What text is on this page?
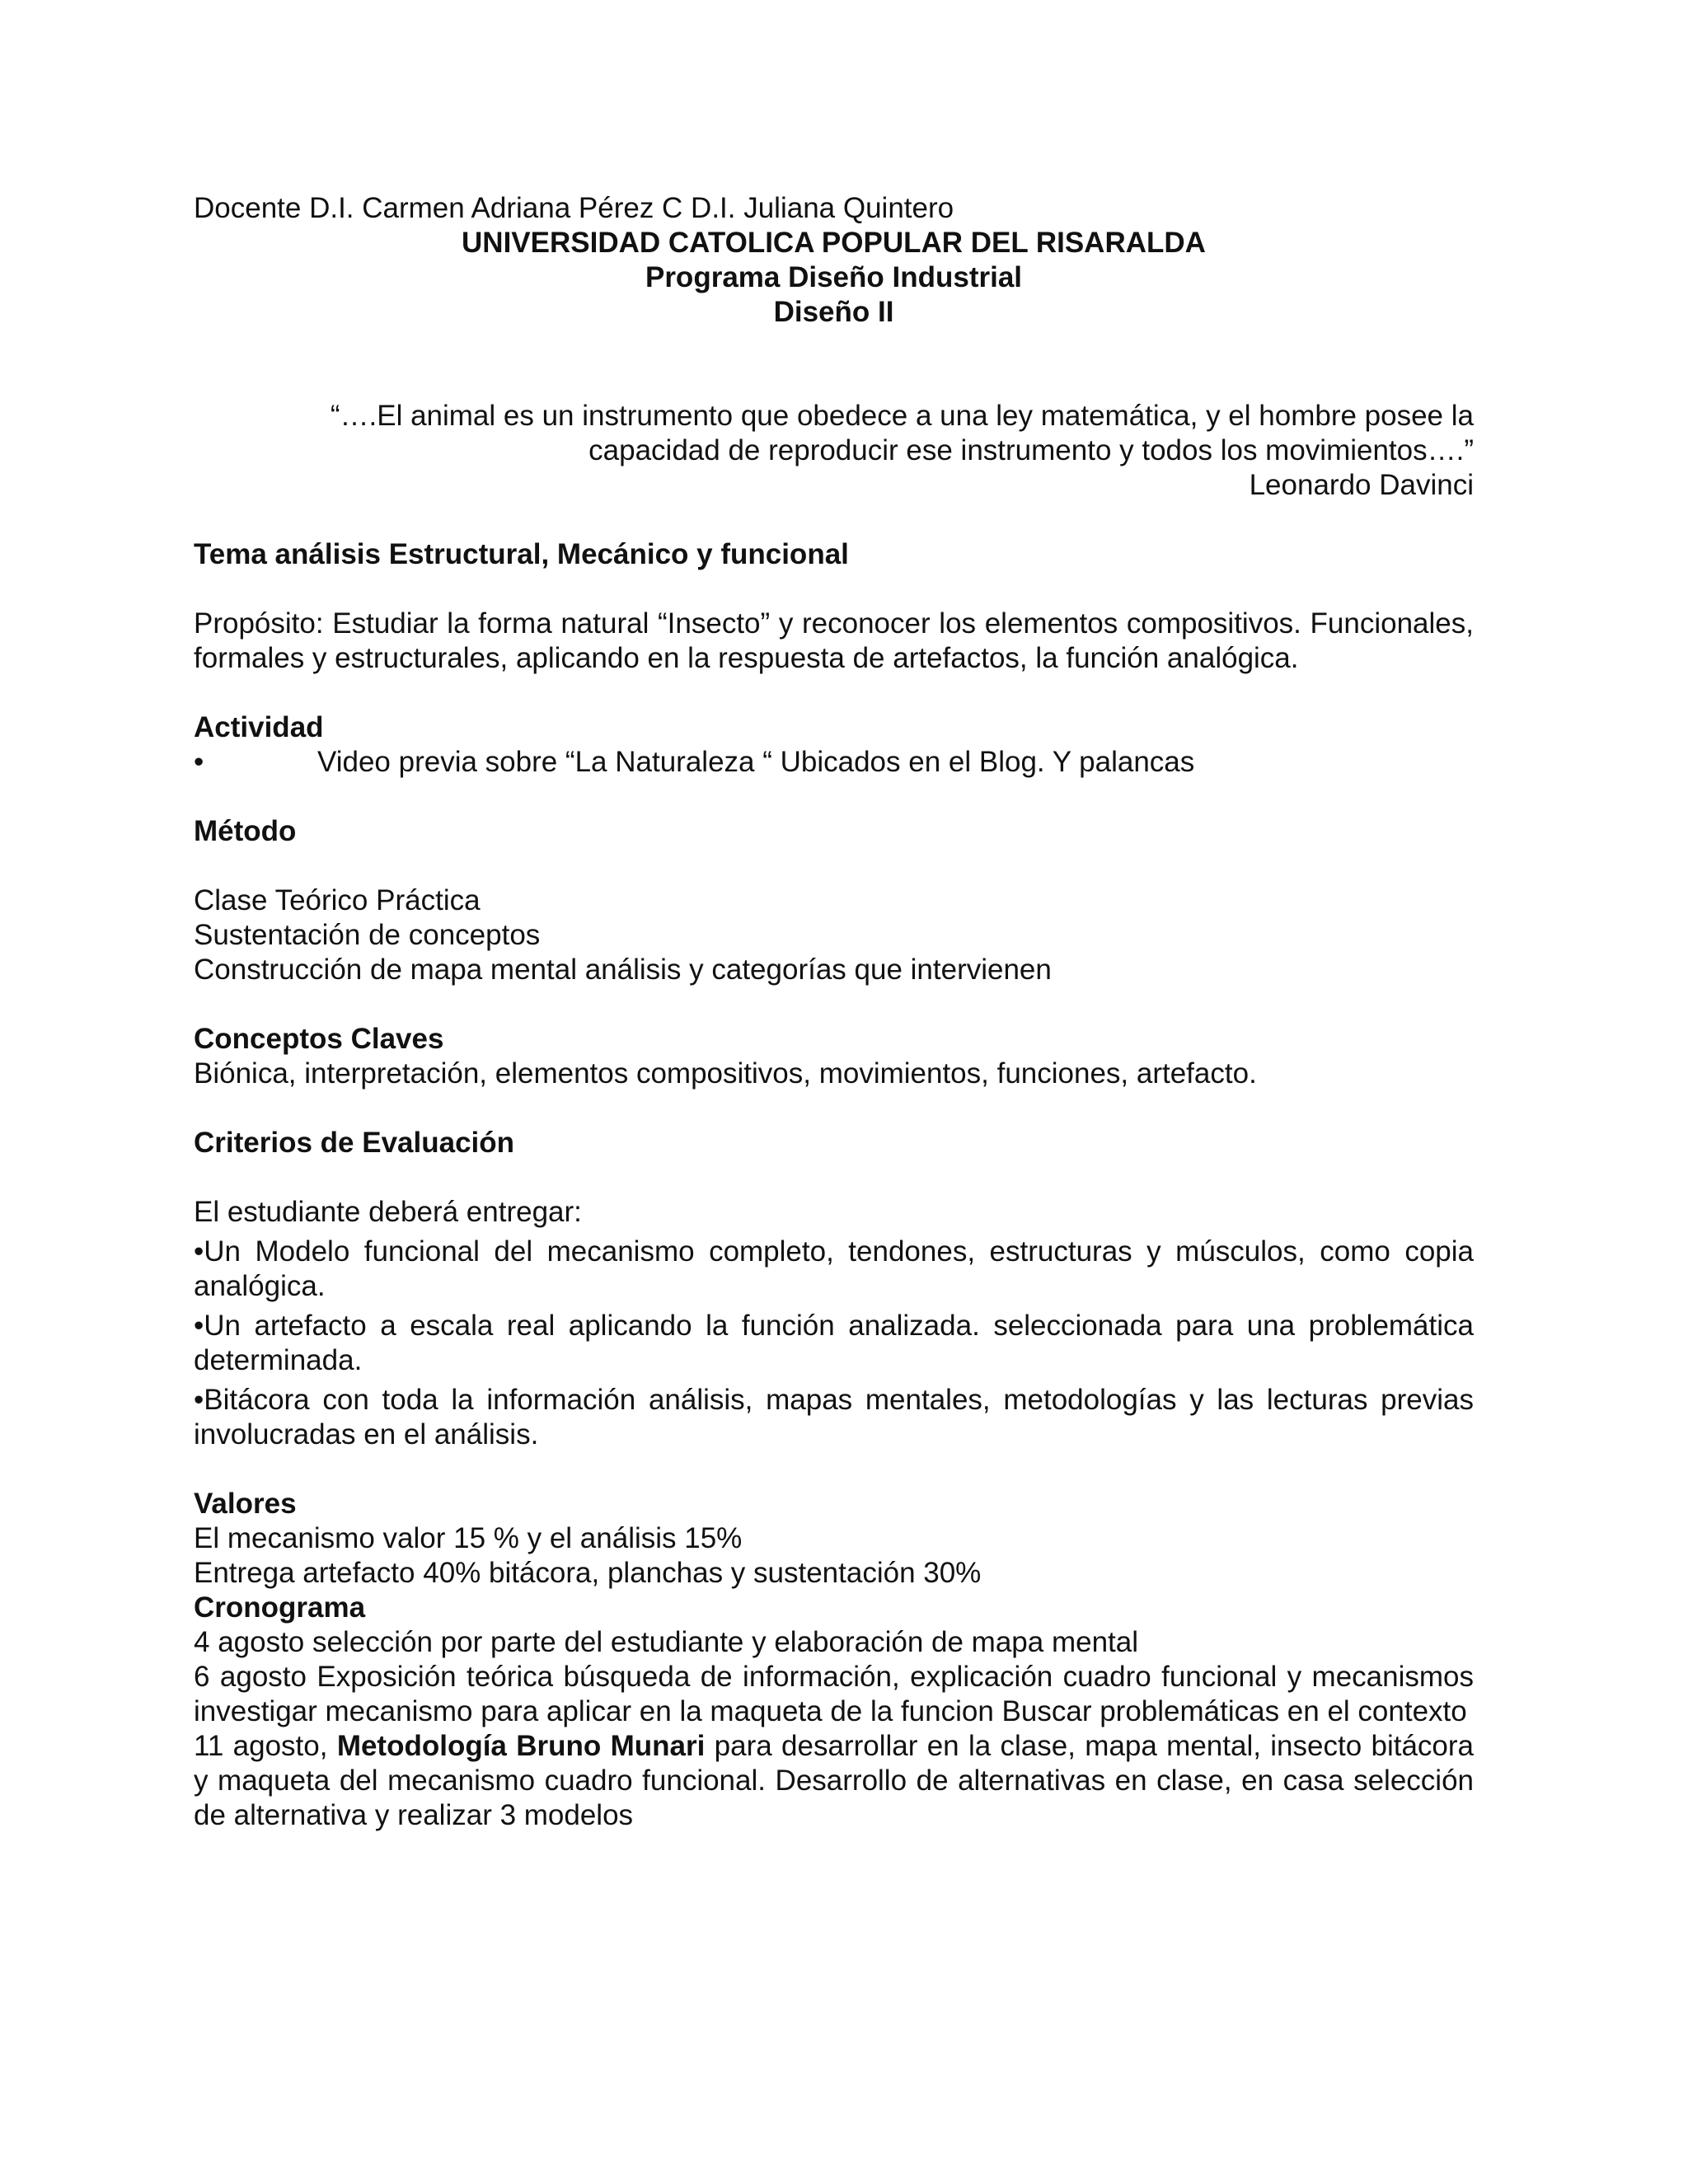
Docente D.I. Carmen Adriana Pérez C D.I. Juliana Quintero

UNIVERSIDAD CATOLICA POPULAR DEL RISARALDA

Programa Diseño Industrial

Diseño II

“….El animal es un instrumento que obedece a una ley matemática, y el hombre posee la

capacidad de reproducir ese instrumento y todos los movimientos….”

Leonardo Davinci

Tema análisis Estructural, Mecánico y funcional

Propósito: Estudiar la forma natural “Insecto” y reconocer los elementos compositivos. Funcionales, formales y estructurales, aplicando en la respuesta de artefactos, la función analógica.

Actividad

•	Video previa sobre “La Naturaleza “ Ubicados en el Blog. Y palancas

Método

Clase Teórico Práctica

Sustentación de conceptos

Construcción de mapa mental análisis y categorías que intervienen

Conceptos Claves

Biónica, interpretación, elementos compositivos, movimientos, funciones, artefacto.

Criterios de Evaluación

El estudiante deberá entregar:

•Un Modelo funcional del mecanismo completo, tendones, estructuras y músculos, como copia analógica.

•Un artefacto a escala real aplicando la función analizada. seleccionada para una problemática determinada.

•Bitácora con toda la información análisis, mapas mentales, metodologías y las lecturas previas involucradas en el análisis.

Valores

El mecanismo valor 15 % y el análisis 15%

Entrega artefacto 40% bitácora, planchas y sustentación 30%

Cronograma

4 agosto selección por parte del estudiante y elaboración de mapa mental

6 agosto Exposición teórica búsqueda de información, explicación cuadro funcional y mecanismos investigar mecanismo para aplicar en la maqueta de la funcion Buscar problemáticas en el contexto

11 agosto, Metodología Bruno Munari para desarrollar en la clase, mapa mental, insecto bitácora y maqueta del mecanismo cuadro funcional. Desarrollo de alternativas en clase, en casa selección de alternativa y realizar 3 modelos
